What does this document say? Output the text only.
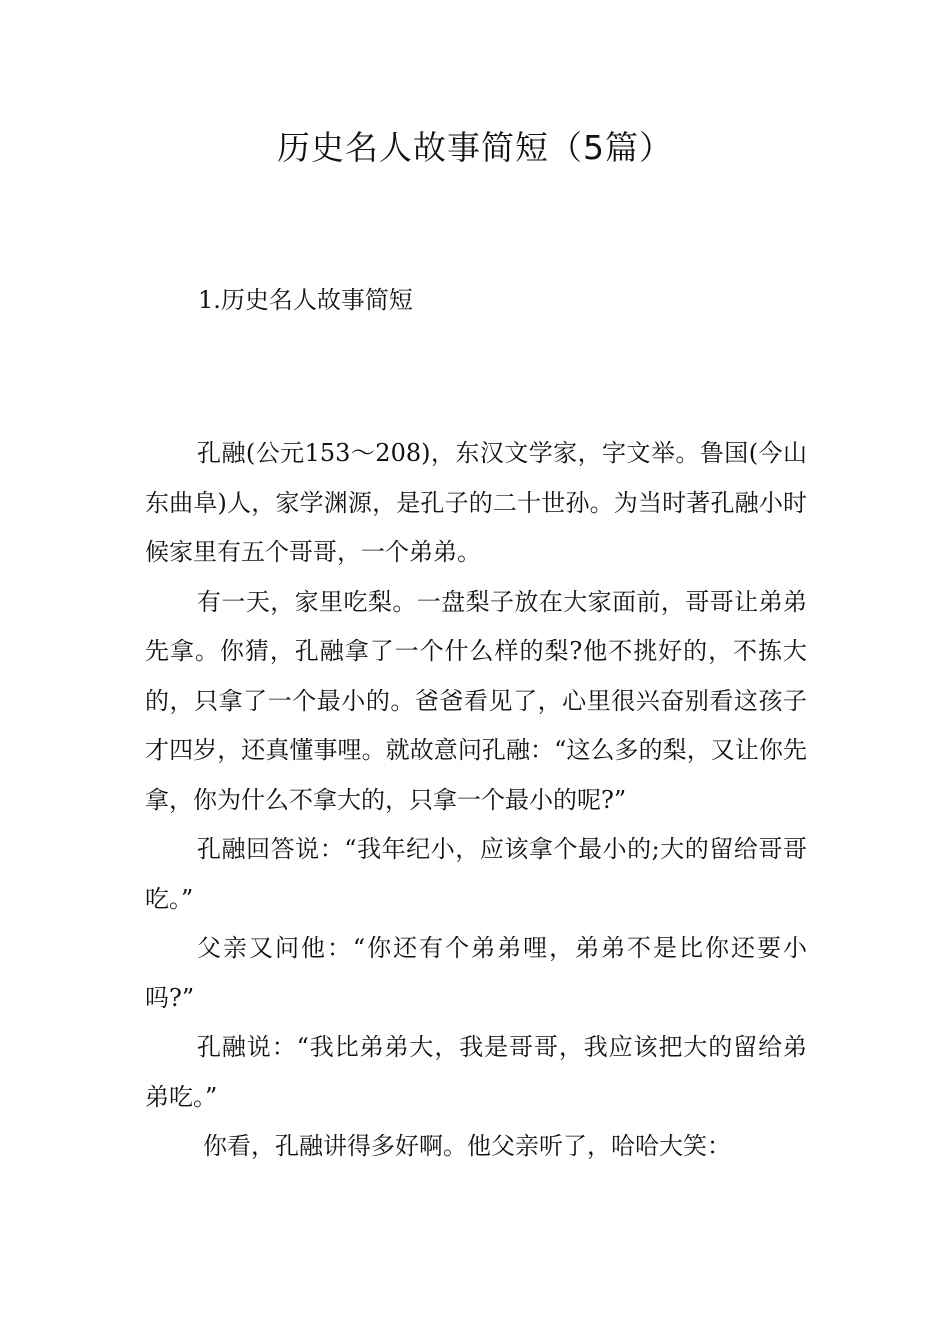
历史名人故事简短（5篇）
1.历史名人故事简短

孔融(公元153～208)，东汉文学家，字文举。鲁国(今山东曲阜)人，家学渊源，是孔子的二十世孙。为当时著孔融小时候家里有五个哥哥，一个弟弟。

有一天，家里吃梨。一盘梨子放在大家面前，哥哥让弟弟先拿。你猜，孔融拿了一个什么样的梨?他不挑好的，不拣大的，只拿了一个最小的。爸爸看见了，心里很兴奋别看这孩子才四岁，还真懂事哩。就故意问孔融：“这么多的梨，又让你先拿，你为什么不拿大的，只拿一个最小的呢?”

孔融回答说：“我年纪小，应该拿个最小的;大的留给哥哥吃。”

父亲又问他：“你还有个弟弟哩，弟弟不是比你还要小吗?”

孔融说：“我比弟弟大，我是哥哥，我应该把大的留给弟弟吃。”

你看，孔融讲得多好啊。他父亲听了，哈哈大笑：
